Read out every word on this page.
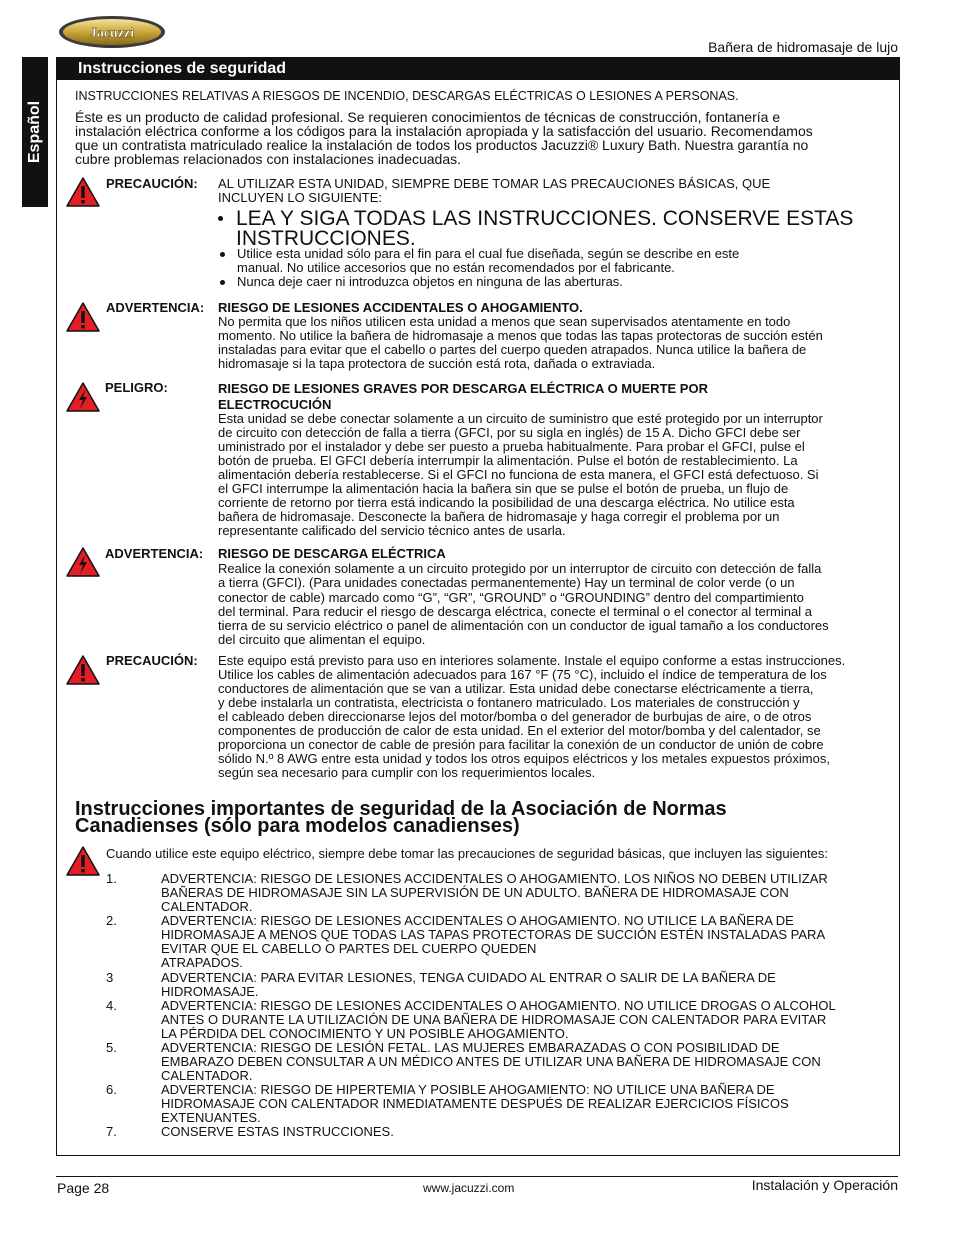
Jacuzzi
Bañera de hidromasaje de lujo
Español
Instrucciones de seguridad
INSTRUCCIONES RELATIVAS A RIESGOS DE INCENDIO, DESCARGAS ELÉCTRICAS O LESIONES A PERSONAS.
Éste es un producto de calidad profesional. Se requieren conocimientos de técnicas de construcción, fontanería e
instalación eléctrica conforme a los códigos para la instalación apropiada y la satisfacción del usuario. Recomendamos
que un contratista matriculado realice la instalación de todos los productos Jacuzzi® Luxury Bath. Nuestra garantía no
cubre problemas relacionados con instalaciones inadecuadas.
PRECAUCIÓN: AL UTILIZAR ESTA UNIDAD, SIEMPRE DEBE TOMAR LAS PRECAUCIONES BÁSICAS, QUE
INCLUYEN LO SIGUIENTE:
LEA Y SIGA TODAS LAS INSTRUCCIONES. CONSERVE ESTAS
INSTRUCCIONES.
Utilice esta unidad sólo para el fin para el cual fue diseñada, según se describe en este
manual. No utilice accesorios que no están recomendados por el fabricante.
Nunca deje caer ni introduzca objetos en ninguna de las aberturas.
ADVERTENCIA: RIESGO DE LESIONES ACCIDENTALES O AHOGAMIENTO.
No permita que los niños utilicen esta unidad a menos que sean supervisados atentamente en todo
momento. No utilice la bañera de hidromasaje a menos que todas las tapas protectoras de succión estén
instaladas para evitar que el cabello o partes del cuerpo queden atrapados. Nunca utilice la bañera de
hidromasaje si la tapa protectora de succión está rota, dañada o extraviada.
PELIGRO:	RIESGO DE LESIONES GRAVES POR DESCARGA ELÉCTRICA O MUERTE POR
ELECTROCUCIÓN
Esta unidad se debe conectar solamente a un circuito de suministro que esté protegido por un interruptor
de circuito con detección de falla a tierra (GFCI, por su sigla en inglés) de 15 A. Dicho GFCI debe ser
uministrado por el instalador y debe ser puesto a prueba habitualmente. Para probar el GFCI, pulse el
botón de prueba. El GFCI debería interrumpir la alimentación. Pulse el botón de restablecimiento. La
alimentación debería restablecerse. Si el GFCI no funciona de esta manera, el GFCI está defectuoso. Si
el GFCI interrumpe la alimentación hacia la bañera sin que se pulse el botón de prueba, un flujo de
corriente de retorno por tierra está indicando la posibilidad de una descarga eléctrica. No utilice esta
bañera de hidromasaje. Desconecte la bañera de hidromasaje y haga corregir el problema por un
representante calificado del servicio técnico antes de usarla.
ADVERTENCIA: RIESGO DE DESCARGA ELÉCTRICA
Realice la conexión solamente a un circuito protegido por un interruptor de circuito con detección de falla
a tierra (GFCI). (Para unidades conectadas permanentemente) Hay un terminal de color verde (o un
conector de cable) marcado como “G”, “GR”, “GROUND” o “GROUNDING” dentro del compartimiento
del terminal. Para reducir el riesgo de descarga eléctrica, conecte el terminal o el conector al terminal a
tierra de su servicio eléctrico o panel de alimentación con un conductor de igual tamaño a los conductores
del circuito que alimentan el equipo.
PRECAUCIÓN: Este equipo está previsto para uso en interiores solamente. Instale el equipo conforme a estas instrucciones.
Utilice los cables de alimentación adecuados para 167 °F (75 °C), incluido el índice de temperatura de los
conductores de alimentación que se van a utilizar. Esta unidad debe conectarse eléctricamente a tierra,
y debe instalarla un contratista, electricista o fontanero matriculado. Los materiales de construcción y
el cableado deben direccionarse lejos del motor/bomba o del generador de burbujas de aire, o de otros
componentes de producción de calor de esta unidad. En el exterior del motor/bomba y del calentador, se
proporciona un conector de cable de presión para facilitar la conexión de un conductor de unión de cobre
sólido N.º 8 AWG entre esta unidad y todos los otros equipos eléctricos y los metales expuestos próximos,
según sea necesario para cumplir con los requerimientos locales.
Instrucciones importantes de seguridad de la Asociación de Normas
Canadienses (sólo para modelos canadienses)
Cuando utilice este equipo eléctrico, siempre debe tomar las precauciones de seguridad básicas, que incluyen las siguientes:
1.	ADVERTENCIA: RIESGO DE LESIONES ACCIDENTALES O AHOGAMIENTO. LOS NIÑOS NO DEBEN UTILIZAR
BAÑERAS DE HIDROMASAJE SIN LA SUPERVISIÓN DE UN ADULTO. BAÑERA DE HIDROMASAJE CON
CALENTADOR.
2.	ADVERTENCIA: RIESGO DE LESIONES ACCIDENTALES O AHOGAMIENTO. NO UTILICE LA BAÑERA DE
HIDROMASAJE A MENOS QUE TODAS LAS TAPAS PROTECTORAS DE SUCCIÓN ESTÉN INSTALADAS PARA
EVITAR QUE EL CABELLO O PARTES DEL CUERPO QUEDEN
ATRAPADOS.
3	ADVERTENCIA: PARA EVITAR LESIONES, TENGA CUIDADO AL ENTRAR O SALIR DE LA BAÑERA DE
HIDROMASAJE.
4.	ADVERTENCIA: RIESGO DE LESIONES ACCIDENTALES O AHOGAMIENTO. NO UTILICE DROGAS O ALCOHOL
ANTES O DURANTE LA UTILIZACIÓN DE UNA BAÑERA DE HIDROMASAJE CON CALENTADOR PARA EVITAR
LA PÉRDIDA DEL CONOCIMIENTO Y UN POSIBLE AHOGAMIENTO.
5.	ADVERTENCIA: RIESGO DE LESIÓN FETAL. LAS MUJERES EMBARAZADAS O CON POSIBILIDAD DE
EMBARAZO DEBEN CONSULTAR A UN MÉDICO ANTES DE UTILIZAR UNA BAÑERA DE HIDROMASAJE CON
CALENTADOR.
6.	ADVERTENCIA: RIESGO DE HIPERTEMIA Y POSIBLE AHOGAMIENTO: NO UTILICE UNA BAÑERA DE
HIDROMASAJE CON CALENTADOR INMEDIATAMENTE DESPUÉS DE REALIZAR EJERCICIOS FÍSICOS
EXTENUANTES.
7.	CONSERVE ESTAS INSTRUCCIONES.
Page 28	www.jacuzzi.com	Instalación y Operación
